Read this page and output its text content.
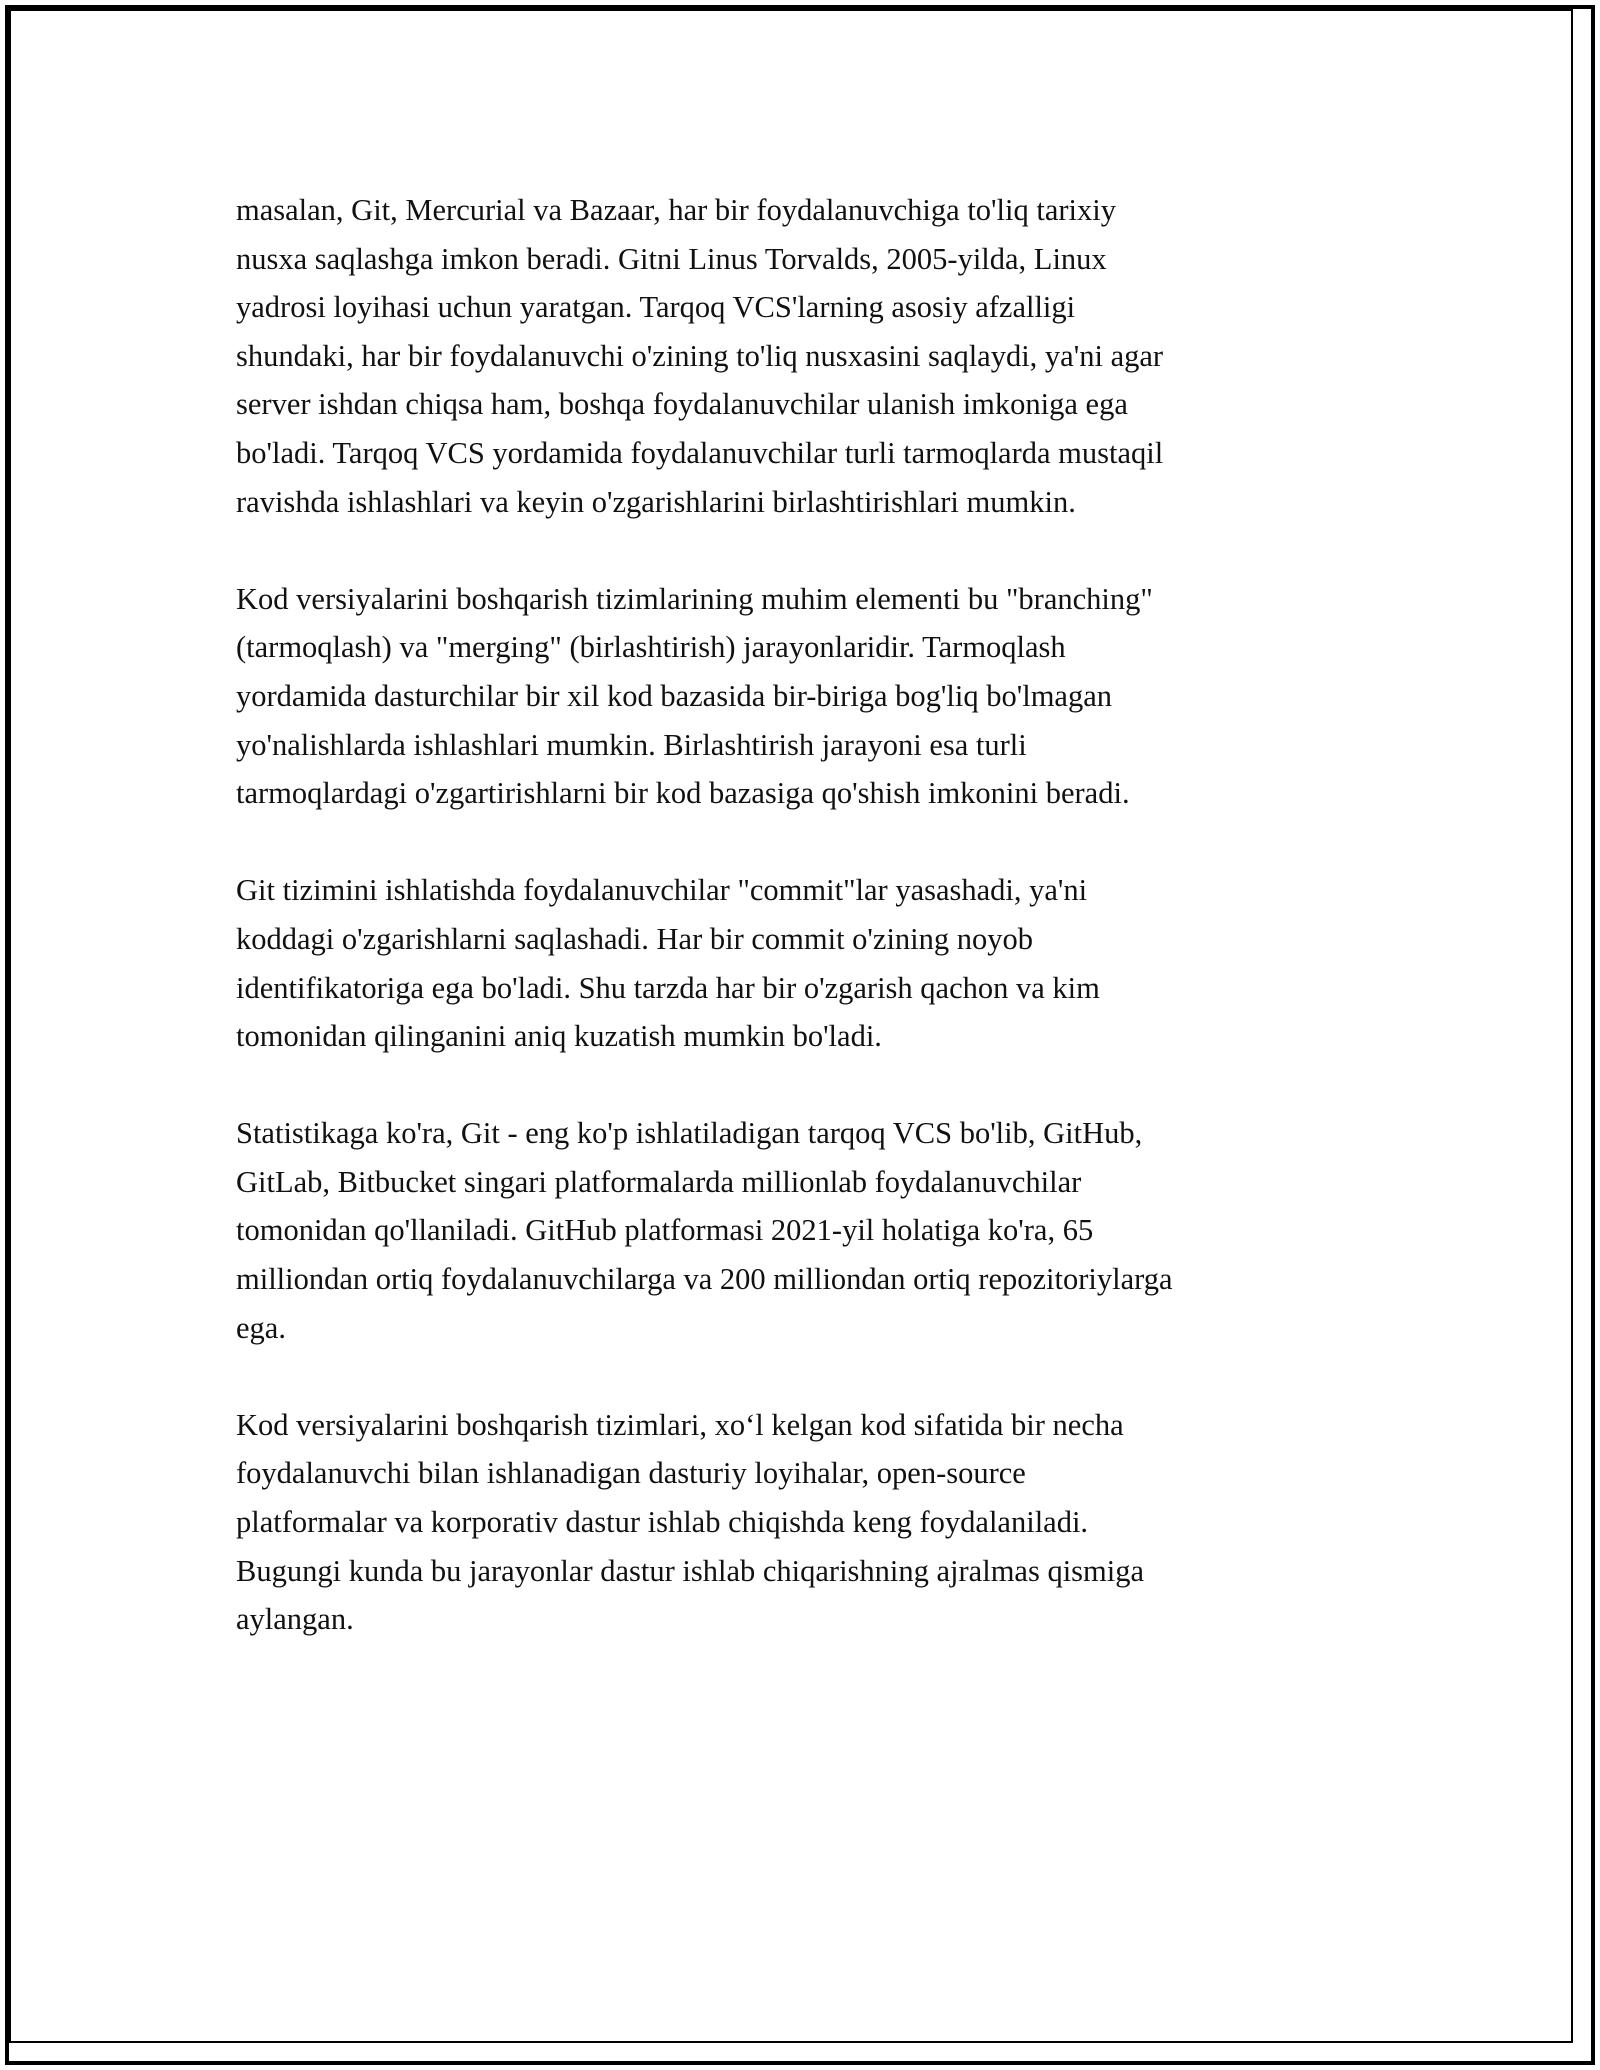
masalan, Git, Mercurial va Bazaar, har bir foydalanuvchiga to'liq tarixiy
nusxa saqlashga imkon beradi. Gitni Linus Torvalds, 2005-yilda, Linux
yadrosi loyihasi uchun yaratgan. Tarqoq VCS'larning asosiy afzalligi
shundaki, har bir foydalanuvchi o'zining to'liq nusxasini saqlaydi, ya'ni agar
server ishdan chiqsa ham, boshqa foydalanuvchilar ulanish imkoniga ega
bo'ladi. Tarqoq VCS yordamida foydalanuvchilar turli tarmoqlarda mustaqil
ravishda ishlashlari va keyin o'zgarishlarini birlashtirishlari mumkin.

Kod versiyalarini boshqarish tizimlarining muhim elementi bu "branching"
(tarmoqlash) va "merging" (birlashtirish) jarayonlaridir. Tarmoqlash
yordamida dasturchilar bir xil kod bazasida bir-biriga bog'liq bo'lmagan
yo'nalishlarda ishlashlari mumkin. Birlashtirish jarayoni esa turli
tarmoqlardagi o'zgartirishlarni bir kod bazasiga qo'shish imkonini beradi.

Git tizimini ishlatishda foydalanuvchilar "commit"lar yasashadi, ya'ni
koddagi o'zgarishlarni saqlashadi. Har bir commit o'zining noyob
identifikatoriga ega bo'ladi. Shu tarzda har bir o'zgarish qachon va kim
tomonidan qilinganini aniq kuzatish mumkin bo'ladi.

Statistikaga ko'ra, Git - eng ko'p ishlatiladigan tarqoq VCS bo'lib, GitHub,
GitLab, Bitbucket singari platformalarda millionlab foydalanuvchilar
tomonidan qo'llaniladi. GitHub platformasi 2021-yil holatiga ko'ra, 65
milliondan ortiq foydalanuvchilarga va 200 milliondan ortiq repozitoriylarga
ega.

Kod versiyalarini boshqarish tizimlari, xo‘l kelgan kod sifatida bir necha
foydalanuvchi bilan ishlanadigan dasturiy loyihalar, open-source
platformalar va korporativ dastur ishlab chiqishda keng foydalaniladi.
Bugungi kunda bu jarayonlar dastur ishlab chiqarishning ajralmas qismiga
aylangan.
